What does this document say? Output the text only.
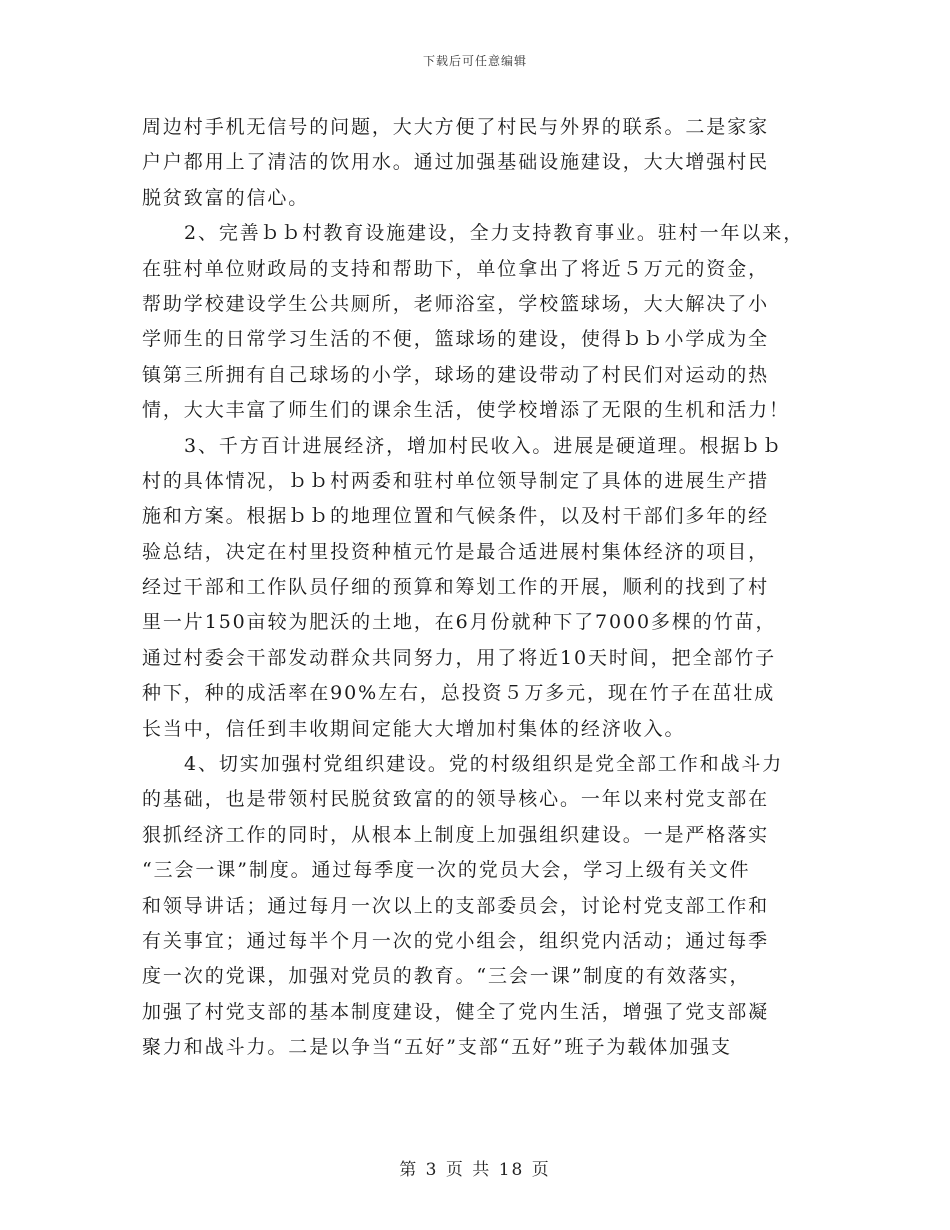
下载后可任意编辑
周边村手机无信号的问题，大大方便了村民与外界的联系。二是家家
户户都用上了清洁的饮用水。通过加强基础设施建设，大大增强村民
脱贫致富的信心。
2、完善ｂｂ村教育设施建设，全力支持教育事业。驻村一年以来，
在驻村单位财政局的支持和帮助下，单位拿出了将近５万元的资金，
帮助学校建设学生公共厕所，老师浴室，学校篮球场，大大解决了小
学师生的日常学习生活的不便，篮球场的建设，使得ｂｂ小学成为全
镇第三所拥有自己球场的小学，球场的建设带动了村民们对运动的热
情，大大丰富了师生们的课余生活，使学校增添了无限的生机和活力！
3、千方百计进展经济，增加村民收入。进展是硬道理。根据ｂｂ
村的具体情况，ｂｂ村两委和驻村单位领导制定了具体的进展生产措
施和方案。根据ｂｂ的地理位置和气候条件，以及村干部们多年的经
验总结，决定在村里投资种植元竹是最合适进展村集体经济的项目，
经过干部和工作队员仔细的预算和筹划工作的开展，顺利的找到了村
里一片150亩较为肥沃的土地，在6月份就种下了7000多棵的竹苗，
通过村委会干部发动群众共同努力，用了将近10天时间，把全部竹子
种下，种的成活率在90%左右，总投资５万多元，现在竹子在茁壮成
长当中，信任到丰收期间定能大大增加村集体的经济收入。
4、切实加强村党组织建设。党的村级组织是党全部工作和战斗力
的基础，也是带领村民脱贫致富的的领导核心。一年以来村党支部在
狠抓经济工作的同时，从根本上制度上加强组织建设。一是严格落实
“三会一课”制度。通过每季度一次的党员大会，学习上级有关文件
和领导讲话；通过每月一次以上的支部委员会，讨论村党支部工作和
有关事宜；通过每半个月一次的党小组会，组织党内活动；通过每季
度一次的党课，加强对党员的教育。“三会一课”制度的有效落实，
加强了村党支部的基本制度建设，健全了党内生活，增强了党支部凝
聚力和战斗力。二是以争当“五好”支部“五好”班子为载体加强支
第 3 页 共 18 页
